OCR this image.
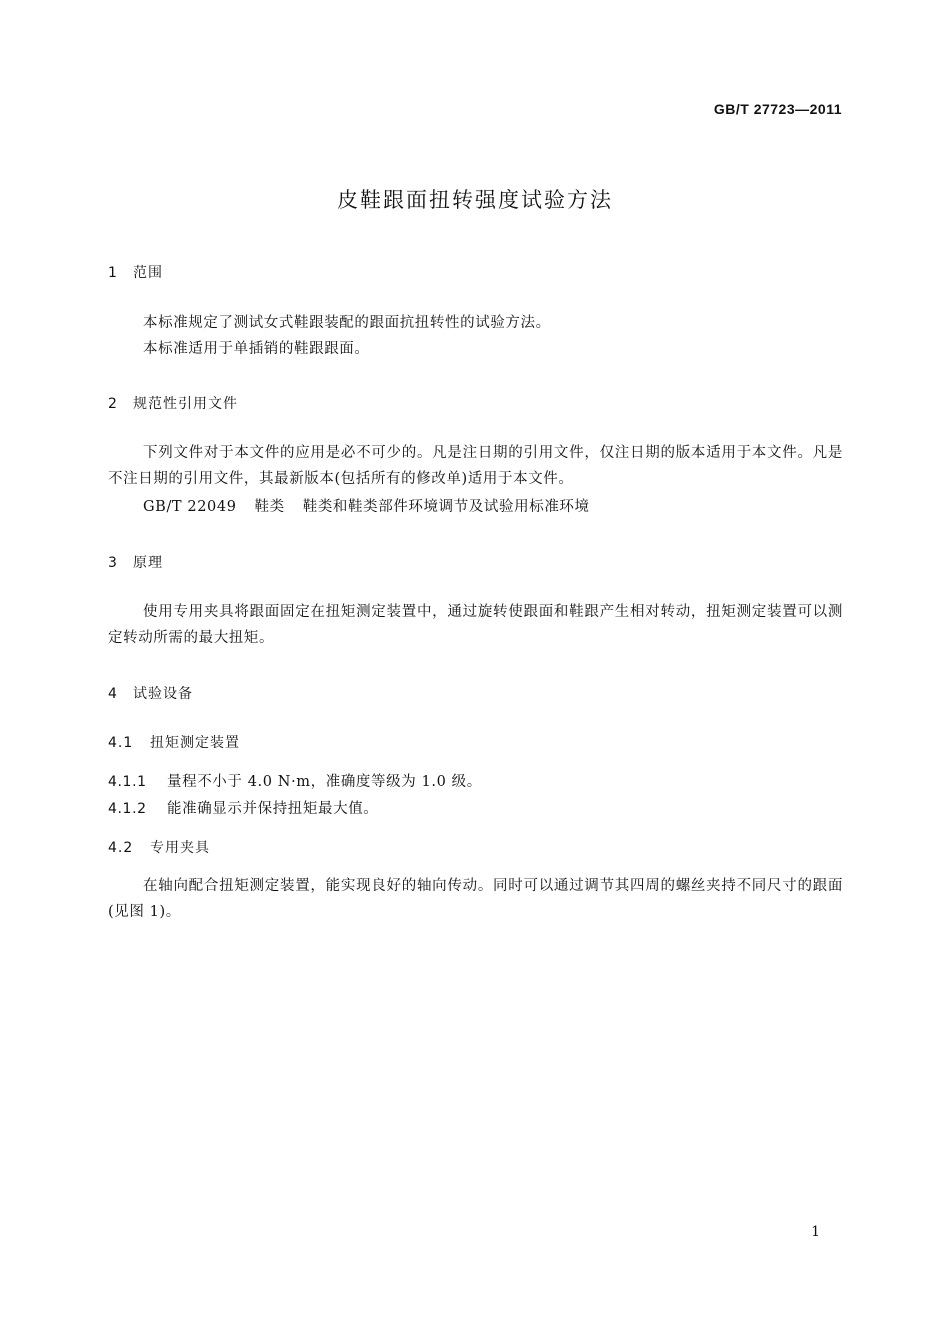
GB/T 27723—2011
皮鞋跟面扭转强度试验方法
1 范围
本标准规定了测试女式鞋跟装配的跟面抗扭转性的试验方法。
本标准适用于单插销的鞋跟跟面。
2 规范性引用文件
下列文件对于本文件的应用是必不可少的。凡是注日期的引用文件，仅注日期的版本适用于本文件。凡是不注日期的引用文件，其最新版本(包括所有的修改单)适用于本文件。
GB/T 22049 鞋类 鞋类和鞋类部件环境调节及试验用标准环境
3 原理
使用专用夹具将跟面固定在扭矩测定装置中，通过旋转使跟面和鞋跟产生相对转动，扭矩测定装置可以测定转动所需的最大扭矩。
4 试验设备
4.1 扭矩测定装置
4.1.1 量程不小于 4.0 N·m，准确度等级为 1.0 级。
4.1.2 能准确显示并保持扭矩最大值。
4.2 专用夹具
在轴向配合扭矩测定装置，能实现良好的轴向传动。同时可以通过调节其四周的螺丝夹持不同尺寸的跟面(见图 1)。
1
